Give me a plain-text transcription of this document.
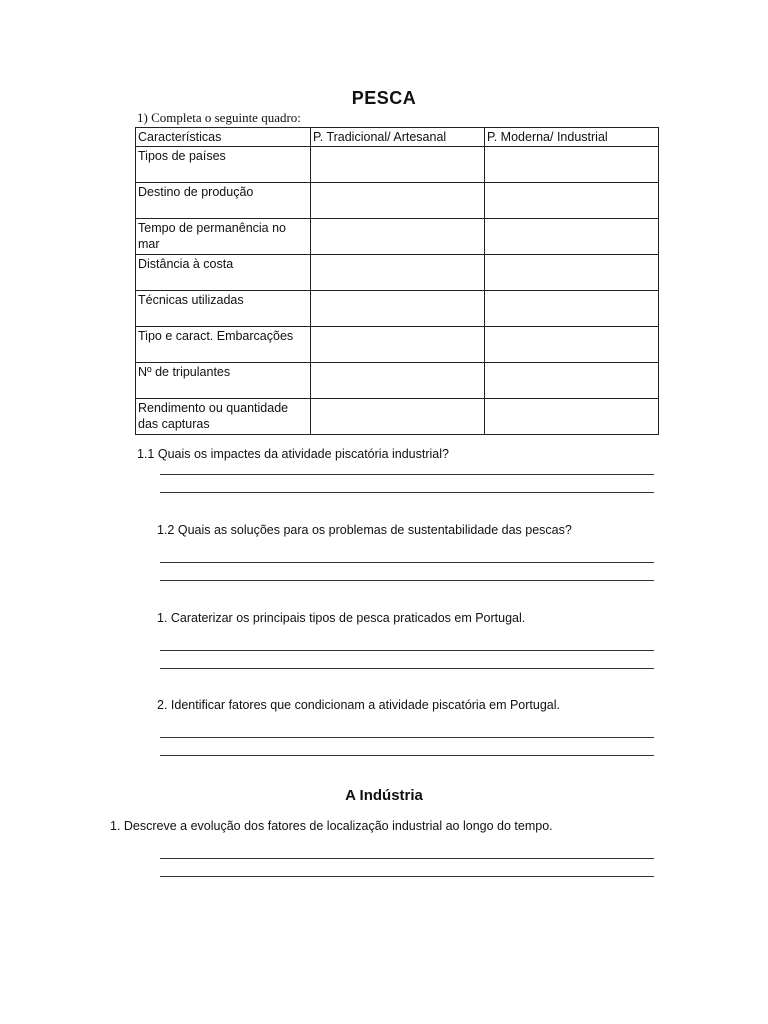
PESCA
1) Completa o seguinte quadro:
Características	P. Tradicional/ Artesanal	P. Moderna/ Industrial
Tipos de países		
Destino de produção		
Tempo de permanência no mar		
Distância à costa		
Técnicas utilizadas		
Tipo e caract. Embarcações		
Nº de tripulantes		
Rendimento ou quantidade das capturas		
1.1 Quais os impactes da atividade piscatória industrial?
1.2 Quais as soluções para os problemas de sustentabilidade das pescas?
1. Caraterizar os principais tipos de pesca praticados em Portugal.
2. Identificar fatores que condicionam a atividade piscatória em Portugal.
A Indústria
1. Descreve a evolução dos fatores de localização industrial ao longo do tempo.
